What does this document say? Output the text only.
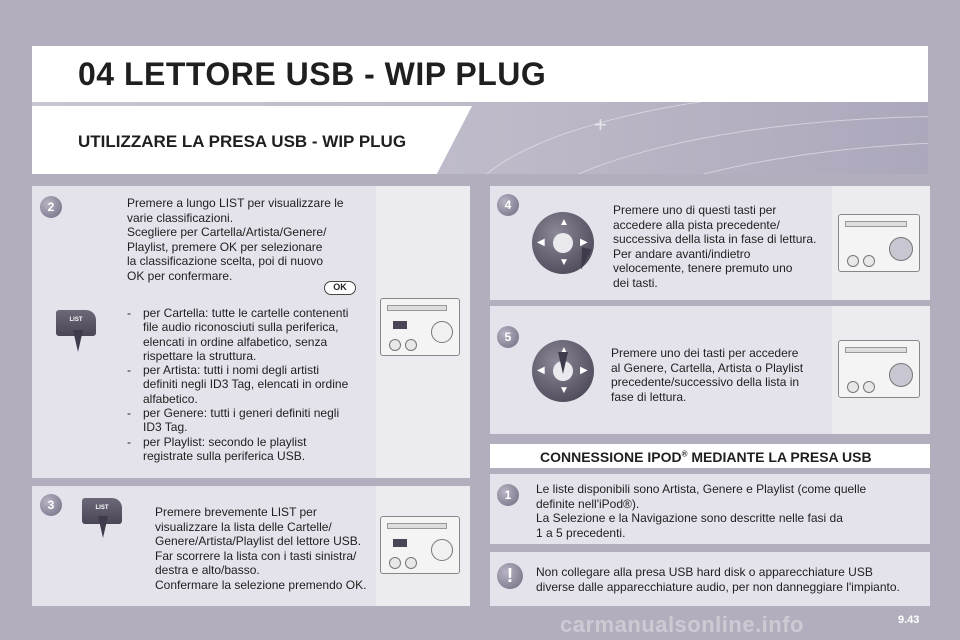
04 LETTORE USB - WIP PLUG
UTILIZZARE LA PRESA USB - WIP PLUG
+
2	Premere a lungo LIST per visualizzare le
varie classificazioni.
Scegliere per Cartella/Artista/Genere/
Playlist, premere OK per selezionare
la classificazione scelta, poi di nuovo
OK per confermare.
OK
LIST

-	per Cartella: tutte le cartelle contenenti
file audio riconosciuti sulla periferica,
elencati in ordine alfabetico, senza
rispettare la struttura.
- per Artista: tutti i nomi degli artisti
definiti negli ID3 Tag, elencati in ordine
alfabetico.
- per Genere: tutti i generi definiti negli
ID3 Tag.
- per Playlist: secondo le playlist
registrate sulla periferica USB.
3	LIST
	Premere brevemente LIST per
visualizzare la lista delle Cartelle/
Genere/Artista/Playlist del lettore USB.
Far scorrere la lista con i tasti sinistra/
destra e alto/basso.
Confermare la selezione premendo OK.
4
▲
▼
◀	▶
Premere uno di questi tasti per
accedere alla pista precedente/
successiva della lista in fase di lettura.
Per andare avanti/indietro
velocemente, tenere premuto uno
dei tasti.
5
▲
▼
◀	▶
Premere uno dei tasti per accedere
al Genere, Cartella, Artista o Playlist
precedente/successivo della lista in
fase di lettura.
CONNESSIONE IPOD® MEDIANTE LA PRESA USB
1	Le liste disponibili sono Artista, Genere e Playlist (come quelle
definite nell'iPod®).
La Selezione e la Navigazione sono descritte nelle fasi da
1 a 5 precedenti.
!	Non collegare alla presa USB hard disk o apparecchiature USB
diverse dalle apparecchiature audio, per non danneggiare l'impianto.
carmanualsonline.info	9.43
